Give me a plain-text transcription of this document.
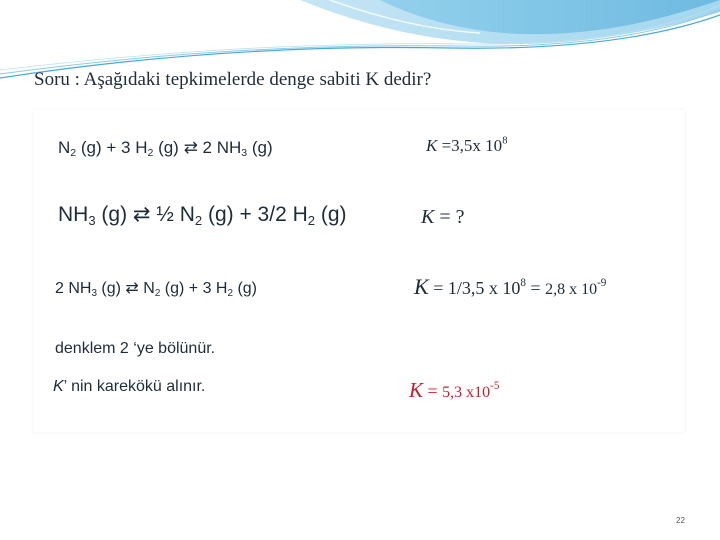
Soru : Aşağıdaki tepkimelerde denge sabiti K dedir?
$N_2$ (g) + 3 $H_2$ (g) ⇄ 2 $NH_3$ (g)	K =3,5x $10^8$
$NH_3$ (g) ⇄ ½ $N_2$ (g) + 3/2 $H_2$ (g)	K = ?
2 $NH_3$ (g) ⇄ $N_2$ (g) + 3 $H_2$ (g)	K = 1/3,5 x $10^8 = 2,8$ x $10^{-9}$
denklem 2 ‘ye bölünür.
K’ nin karekökü alınır.	K = 5,3 $x10^{-5}$
22
